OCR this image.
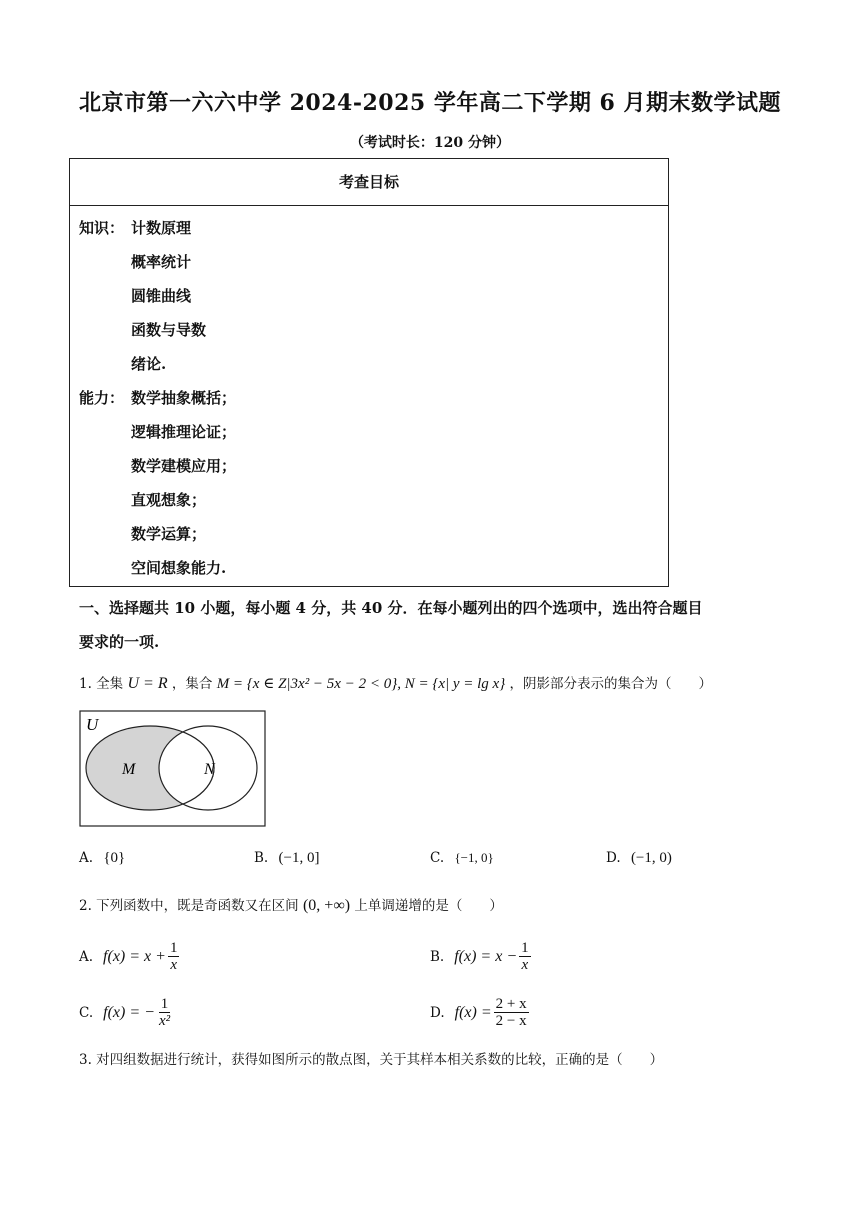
北京市第一六六中学 2024-2025 学年高二下学期 6 月期末数学试题
（考试时长：120 分钟）
考查目标
知识： 计数原理
概率统计
圆锥曲线
函数与导数
绪论.
能力： 数学抽象概括；
逻辑推理论证；
数学建模应用；
直观想象；
数学运算；
空间想象能力.
一、选择题共 10 小题，每小题 4 分，共 40 分．在每小题列出的四个选项中，选出符合题目
要求的一项.
1. 全集 U = R ，集合 M = {x ∈ Z|3x² − 5x − 2 < 0}, N = {x| y = lg x} ，阴影部分表示的集合为（　　）
U
M	N
A. {0}	B. (−1, 0]	C. {−1, 0}	D. (−1, 0)
2. 下列函数中，既是奇函数又在区间 (0, +∞) 上单调递增的是（　　）
A. $f(x) = x + \frac{1}{x}$	B. $f(x) = x - \frac{1}{x}$
C. f(x) = − $\frac{1}{\text{x²}}$	D. $f(x) = \frac{2 + x}{2 - x}$
3. 对四组数据进行统计，获得如图所示的散点图，关于其样本相关系数的比较，正确的是（　　）
